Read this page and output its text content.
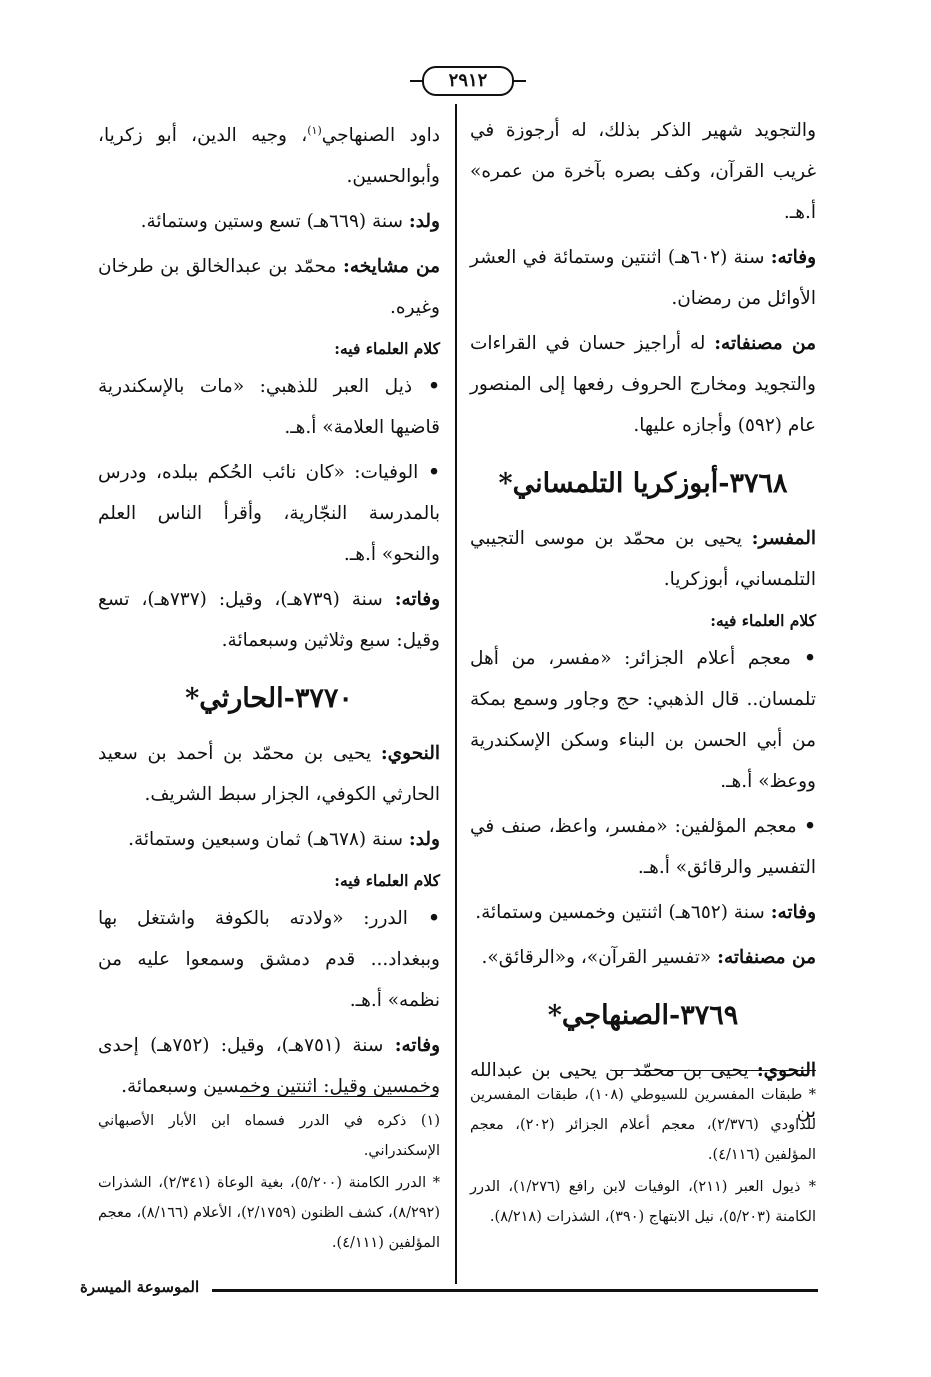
٢٩١٢

والتجويد شهير الذكر بذلك، له أرجوزة في غريب القرآن، وكف بصره بآخرة من عمره» أ.هـ.

وفاته: سنة (٦٠٢هـ) اثنتين وستمائة في العشر الأوائل من رمضان.

من مصنفاته: له أراجيز حسان في القراءات والتجويد ومخارج الحروف رفعها إلى المنصور عام (٥٩٢) وأجازه عليها.

٣٧٦٨-أبوزكريا التلمساني*

المفسر: يحيى بن محمّد بن موسى التجيبي التلمساني، أبوزكريا.

كلام العلماء فيه:

• معجم أعلام الجزائر: «مفسر، من أهل تلمسان.. قال الذهبي: حج وجاور وسمع بمكة من أبي الحسن بن البناء وسكن الإسكندرية ووعظ» أ.هـ.

• معجم المؤلفين: «مفسر، واعظ، صنف في التفسير والرقائق» أ.هـ.

وفاته: سنة (٦٥٢هـ) اثنتين وخمسين وستمائة.

من مصنفاته: «تفسير القرآن»، و«الرقائق».

٣٧٦٩-الصنهاجي*

النحوي: يحيى بن محمّد بن يحيى بن عبدالله بن

داود الصنهاجي$^{(١)}$، وجيه الدين، أبو زكريا، وأبوالحسين.

ولد: سنة (٦٦٩هـ) تسع وستين وستمائة.

من مشايخه: محمّد بن عبدالخالق بن طرخان وغيره.

كلام العلماء فيه:

• ذيل العبر للذهبي: «مات بالإسكندرية قاضيها العلامة» أ.هـ.

• الوفيات: «كان نائب الحُكم ببلده، ودرس بالمدرسة النجّارية، وأقرأ الناس العلم والنحو» أ.هـ.

وفاته: سنة (٧٣٩هـ)، وقيل: (٧٣٧هـ)، تسع وقيل: سبع وثلاثين وسبعمائة.

٣٧٧٠-الحارثي*

النحوي: يحيى بن محمّد بن أحمد بن سعيد الحارثي الكوفي، الجزار سبط الشريف.

ولد: سنة (٦٧٨هـ) ثمان وسبعين وستمائة.

كلام العلماء فيه:

• الدرر: «ولادته بالكوفة واشتغل بها وببغداد... قدم دمشق وسمعوا عليه من نظمه» أ.هـ.

وفاته: سنة (٧٥١هـ)، وقيل: (٧٥٢هـ) إحدى وخمسين وقيل: اثنتين وخمسين وسبعمائة. * طبقات المفسرين للسيوطي (١٠٨)، طبقات المفسرين للداودي (٢/٣٧٦)، معجم أعلام الجزائر (٢٠٢)، معجم المؤلفين (٤/١١٦).

* ذيول العبر (٢١١)، الوفيات لابن رافع (١/٢٧٦)، الدرر الكامنة (٥/٢٠٣)، نيل الابتهاج (٣٩٠)، الشذرات (٨/٢١٨).

(١) ذكره في الدرر فسماه ابن الأبار الأصبهاني الإسكندراني.

* الدرر الكامنة (٥/٢٠٠)، بغية الوعاة (٢/٣٤١)، الشذرات (٨/٢٩٢)، كشف الظنون (٢/١٧٥٩)، الأعلام (٨/١٦٦)، معجم المؤلفين (٤/١١١).

الموسوعة الميسرة
